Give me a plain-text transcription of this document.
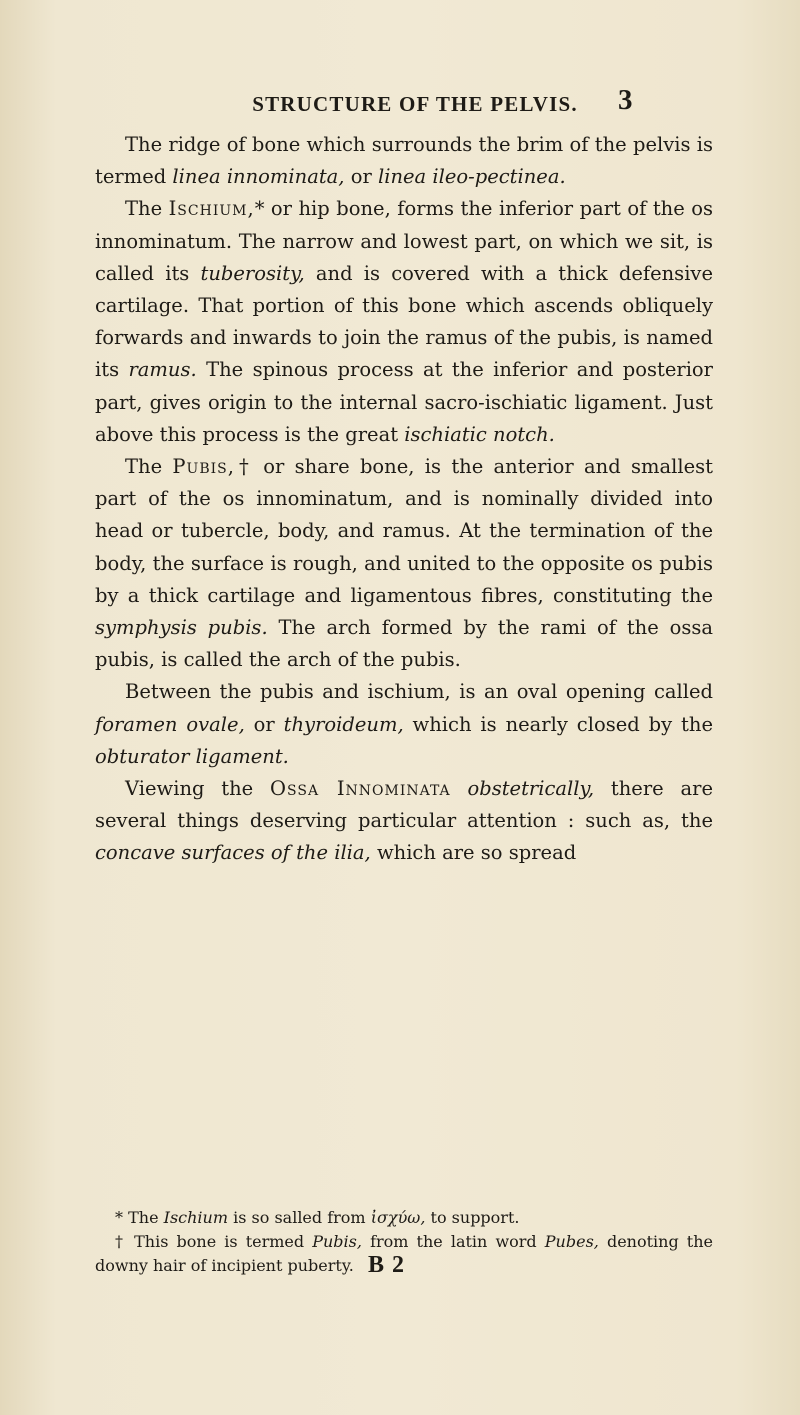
STRUCTURE OF THE PELVIS.	3

The ridge of bone which surrounds the brim of the pelvis is termed linea innominata, or linea ileo-pectinea.

The Ischium,* or hip bone, forms the inferior part of the os innominatum. The narrow and lowest part, on which we sit, is called its tuberosity, and is covered with a thick defensive cartilage. That portion of this bone which ascends obliquely forwards and inwards to join the ramus of the pubis, is named its ramus. The spinous process at the inferior and posterior part, gives origin to the internal sacro-ischiatic ligament. Just above this process is the great ischiatic notch.

The Pubis,† or share bone, is the anterior and smallest part of the os innominatum, and is nominally divided into head or tubercle, body, and ramus. At the termination of the body, the surface is rough, and united to the opposite os pubis by a thick cartilage and ligamentous fibres, constituting the symphysis pubis. The arch formed by the rami of the ossa pubis, is called the arch of the pubis.

Between the pubis and ischium, is an oval opening called foramen ovale, or thyroideum, which is nearly closed by the obturator ligament.

Viewing the Ossa Innominata obstetrically, there are several things deserving particular attention : such as, the concave surfaces of the ilia, which are so spread

* The Ischium is so salled from ἰσχύω, to support.

† This bone is termed Pubis, from the latin word Pubes, denoting the downy hair of incipient puberty. B 2
